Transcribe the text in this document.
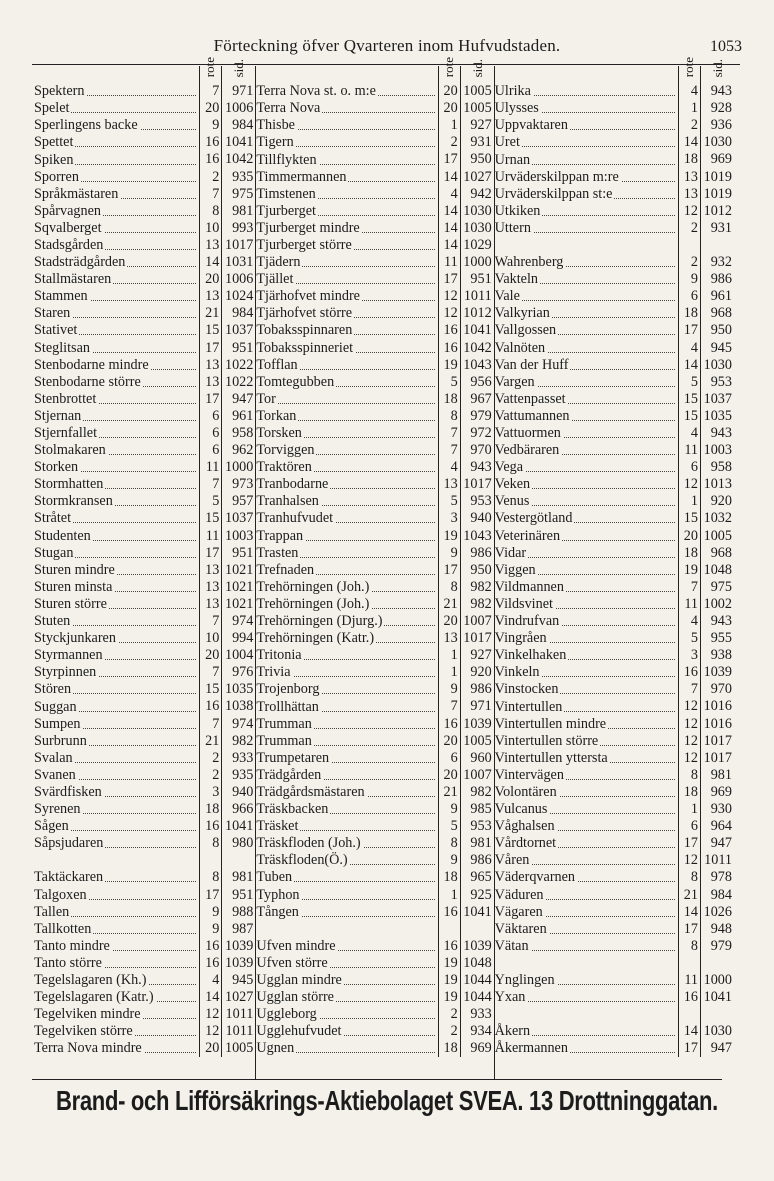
Förteckning öfver Qvarteren inom Hufvudstaden.	1053
rote sid.
Spektern	7 971
Spelet	20 1006
Sperlingens backe	9 984
Spettet	16 1041
Spiken	16 1042
Sporren	2 935
Språkmästaren	7 975
Spårvagnen	8 981
Sqvalberget	10 993
Stadsgården	13 1017
Stadsträdgården	14 1031
Stallmästaren	20 1006
Stammen	13 1024
Staren	21 984
Stativet	15 1037
Steglitsan	17 951
Stenbodarne mindre	13 1022
Stenbodarne större	13 1022
Stenbrottet	17 947
Stjernan	6 961
Stjernfallet	6 958
Stolmakaren	6 962
Storken	11 1000
Stormhatten	7 973
Stormkransen	5 957
Stråtet	15 1037
Studenten	11 1003
Stugan	17 951
Sturen mindre	13 1021
Sturen minsta	13 1021
Sturen större	13 1021
Stuten	7 974
Styckjunkaren	10 994
Styrmannen	20 1004
Styrpinnen	7 976
Stören	15 1035
Suggan	16 1038
Sumpen	7 974
Surbrunn	21 982
Svalan	2 933
Svanen	2 935
Svärdfisken	3 940
Syrenen	18 966
Sågen	16 1041
Såpsjudaren	8 980
Taktäckaren	8 981
Talgoxen	17 951
Tallen	9 988
Tallkotten	9 987
Tanto mindre	16 1039
Tanto större	16 1039
Tegelslagaren (Kh.)	4 945
Tegelslagaren (Katr.)	14 1027
Tegelviken mindre	12 1011
Tegelviken större	12 1011
Terra Nova mindre	20 1005
rote sid.
Terra Nova st. o. m:e	20 1005
Terra Nova	20 1005
Thisbe	1 927
Tigern	2 931
Tillflykten	17 950
Timmermannen	14 1027
Timstenen	4 942
Tjurberget	14 1030
Tjurberget mindre	14 1030
Tjurberget större	14 1029
Tjädern	11 1000
Tjället	17 951
Tjärhofvet mindre	12 1011
Tjärhofvet större	12 1012
Tobaksspinnaren	16 1041
Tobaksspinneriet	16 1042
Tofflan	19 1043
Tomtegubben	5 956
Tor	18 967
Torkan	8 979
Torsken	7 972
Torviggen	7 970
Traktören	4 943
Tranbodarne	13 1017
Tranhalsen	5 953
Tranhufvudet	3 940
Trappan	19 1043
Trasten	9 986
Trefnaden	17 950
Trehörningen (Joh.)	8 982
Trehörningen (Joh.)	21 982
Trehörningen (Djurg.)	20 1007
Trehörningen (Katr.)	13 1017
Tritonia	1 927
Trivia	1 920
Trojenborg	9 986
Trollhättan	7 971
Trumman	16 1039
Trumman	20 1005
Trumpetaren	6 960
Trädgården	20 1007
Trädgårdsmästaren	21 982
Träskbacken	9 985
Träsket	5 953
Träskfloden (Joh.)	8 981
Träskfloden(Ö.)	9 986
Tuben	18 965
Typhon	1 925
Tången	16 1041
Ufven mindre	16 1039
Ufven större	19 1048
Ugglan mindre	19 1044
Ugglan större	19 1044
Uggleborg	2 933
Ugglehufvudet	2 934
Ugnen	18 969
rote sid.
Ulrika	4 943
Ulysses	1 928
Uppvaktaren	2 936
Uret	14 1030
Urnan	18 969
Urväderskilppan m:re	13 1019
Urväderskilppan st:e	13 1019
Utkiken	12 1012
Uttern	2 931
Wahrenberg	2 932
Vakteln	9 986
Vale	6 961
Valkyrian	18 968
Vallgossen	17 950
Valnöten	4 945
Van der Huff	14 1030
Vargen	5 953
Vattenpasset	15 1037
Vattumannen	15 1035
Vattuormen	4 943
Vedbäraren	11 1003
Vega	6 958
Veken	12 1013
Venus	1 920
Vestergötland	15 1032
Veterinären	20 1005
Vidar	18 968
Viggen	19 1048
Vildmannen	7 975
Vildsvinet	11 1002
Vindrufvan	4 943
Vingråen	5 955
Vinkelhaken	3 938
Vinkeln	16 1039
Vinstocken	7 970
Vintertullen	12 1016
Vintertullen mindre	12 1016
Vintertullen större	12 1017
Vintertullen yttersta	12 1017
Vintervägen	8 981
Volontären	18 969
Vulcanus	1 930
Våghalsen	6 964
Vårdtornet	17 947
Våren	12 1011
Väderqvarnen	8 978
Väduren	21 984
Vägaren	14 1026
Väktaren	17 948
Vätan	8 979
Ynglingen	11 1000
Yxan	16 1041
Åkern	14 1030
Åkermannen	17 947
Brand- och Lifförsäkrings-Aktiebolaget SVEA. 13 Drottninggatan.
